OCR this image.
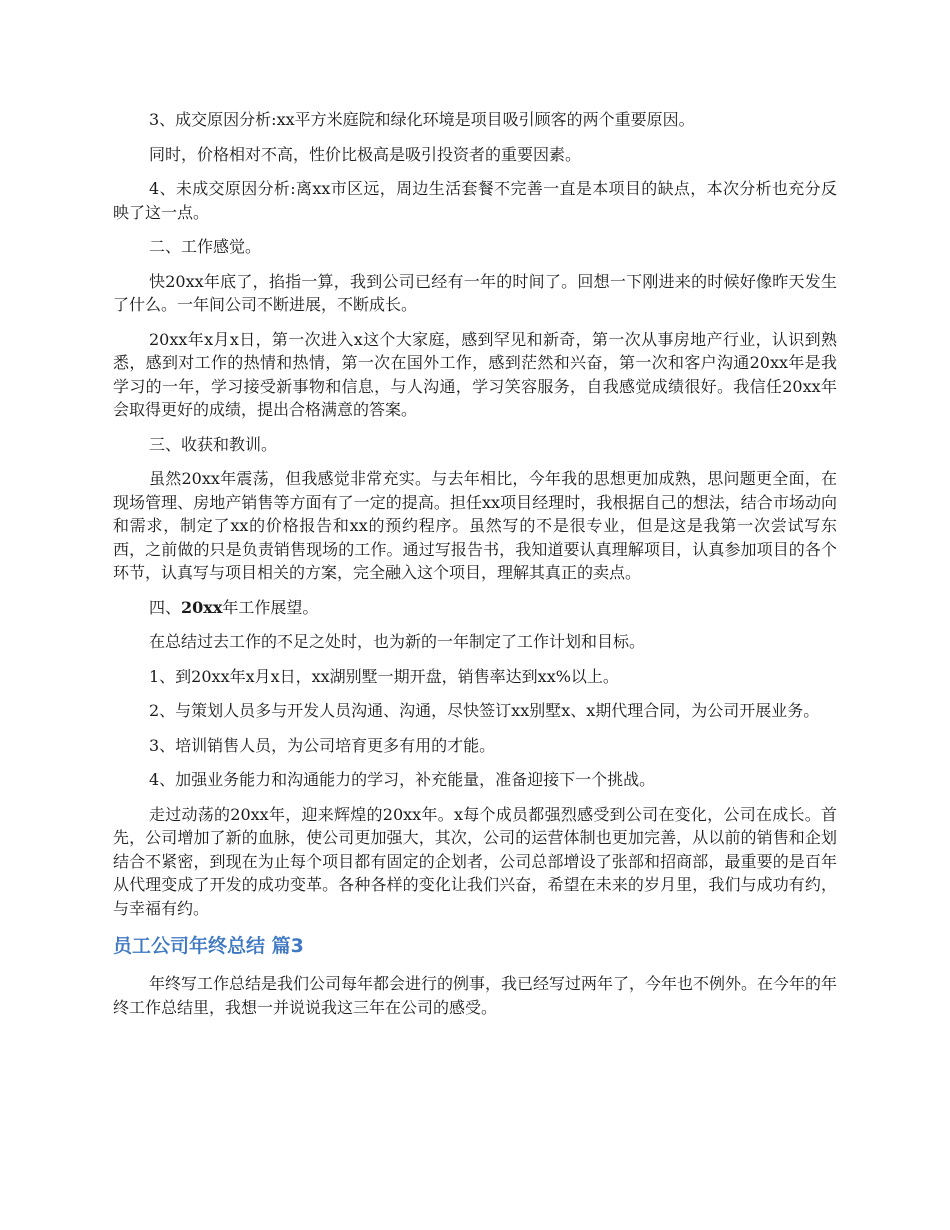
3、成交原因分析:xx平方米庭院和绿化环境是项目吸引顾客的两个重要原因。

同时，价格相对不高，性价比极高是吸引投资者的重要因素。

4、未成交原因分析:离xx市区远，周边生活套餐不完善一直是本项目的缺点，本次分析也充分反映了这一点。

二、工作感觉。

快20xx年底了，掐指一算，我到公司已经有一年的时间了。回想一下刚进来的时候好像昨天发生了什么。一年间公司不断进展，不断成长。

20xx年x月x日，第一次进入x这个大家庭，感到罕见和新奇，第一次从事房地产行业，认识到熟悉，感到对工作的热情和热情，第一次在国外工作，感到茫然和兴奋，第一次和客户沟通20xx年是我学习的一年，学习接受新事物和信息，与人沟通，学习笑容服务，自我感觉成绩很好。我信任20xx年会取得更好的成绩，提出合格满意的答案。

三、收获和教训。

虽然20xx年震荡，但我感觉非常充实。与去年相比，今年我的思想更加成熟，思问题更全面，在现场管理、房地产销售等方面有了一定的提高。担任xx项目经理时，我根据自己的想法，结合市场动向和需求，制定了xx的价格报告和xx的预约程序。虽然写的不是很专业，但是这是我第一次尝试写东西，之前做的只是负责销售现场的工作。通过写报告书，我知道要认真理解项目，认真参加项目的各个环节，认真写与项目相关的方案，完全融入这个项目，理解其真正的卖点。

四、20xx年工作展望。

在总结过去工作的不足之处时，也为新的一年制定了工作计划和目标。

1、到20xx年x月x日，xx湖别墅一期开盘，销售率达到xx%以上。

2、与策划人员多与开发人员沟通、沟通，尽快签订xx别墅x、x期代理合同，为公司开展业务。

3、培训销售人员，为公司培育更多有用的才能。

4、加强业务能力和沟通能力的学习，补充能量，准备迎接下一个挑战。

走过动荡的20xx年，迎来辉煌的20xx年。x每个成员都强烈感受到公司在变化，公司在成长。首先，公司增加了新的血脉，使公司更加强大，其次，公司的运营体制也更加完善，从以前的销售和企划结合不紧密，到现在为止每个项目都有固定的企划者，公司总部增设了张部和招商部，最重要的是百年从代理变成了开发的成功变革。各种各样的变化让我们兴奋，希望在未来的岁月里，我们与成功有约，与幸福有约。

员工公司年终总结 篇3

年终写工作总结是我们公司每年都会进行的例事，我已经写过两年了，今年也不例外。在今年的年终工作总结里，我想一并说说我这三年在公司的感受。
